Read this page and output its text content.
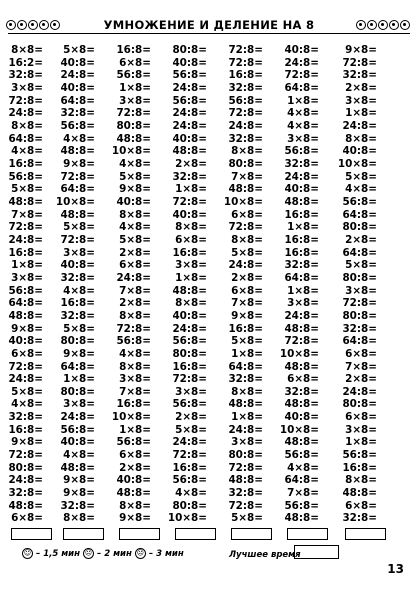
УМНОЖЕНИЕ И ДЕЛЕНИЕ НА 8
8×8=
16:2=
32:8=
3×8=
72:8=
24:8=
8×8=
64:8=
4×8=
16:8=
56:8=
5×8=
48:8=
7×8=
72:8=
24:8=
16:8=
1×8=
3×8=
56:8=
64:8=
48:8=
9×8=
40:8=
6×8=
72:8=
24:8=
5×8=
4×8=
32:8=
16:8=
9×8=
72:8=
80:8=
24:8=
32:8=
48:8=
6×8=
5×8=
40:8=
24:8=
40:8=
64:8=
32:8=
56:8=
4×8=
48:8=
9×8=
72:8=
64:8=
10×8=
48:8=
5×8=
72:8=
3×8=
40:8=
32:8=
4×8=
16:8=
32:8=
5×8=
80:8=
9×8=
64:8=
1×8=
80:8=
3×8=
24:8=
56:8=
40:8=
4×8=
48:8=
9×8=
9×8=
32:8=
8×8=
16:8=
6×8=
56:8=
1×8=
3×8=
72:8=
80:8=
48:8=
10×8=
4×8=
5×8=
9×8=
40:8=
8×8=
4×8=
5×8=
2×8=
6×8=
24:8=
7×8=
2×8=
8×8=
72:8=
56:8=
4×8=
8×8=
3×8=
7×8=
16:8=
10×8=
1×8=
56:8=
6×8=
2×8=
40:8=
48:8=
8×8=
9×8=
80:8=
40:8=
56:8=
24:8=
56:8=
24:8=
24:8=
40:8=
48:8=
2×8=
32:8=
1×8=
72:8=
40:8=
8×8=
6×8=
16:8=
3×8=
1×8=
48:8=
8×8=
40:8=
24:8=
56:8=
80:8=
16:8=
72:8=
3×8=
56:8=
2×8=
5×8=
24:8=
72:8=
16:8=
56:8=
4×8=
80:8=
10×8=
72:8=
72:8=
16:8=
32:8=
56:8=
72:8=
24:8=
32:8=
8×8=
80:8=
7×8=
48:8=
10×8=
6×8=
72:8=
8×8=
5×8=
24:8=
2×8=
6×8=
7×8=
9×8=
16:8=
5×8=
1×8=
64:8=
32:8=
8×8=
48:8=
1×8=
24:8=
3×8=
80:8=
72:8=
48:8=
32:8=
72:8=
5×8=
40:8=
24:8=
72:8=
64:8=
1×8=
4×8=
4×8=
3×8=
56:8=
32:8=
24:8=
40:8=
48:8=
16:8=
1×8=
16:8=
16:8=
32:8=
64:8=
1×8=
3×8=
24:8=
48:8=
72:8=
10×8=
48:8=
6×8=
32:8=
48:8=
40:8=
10×8=
48:8=
56:8=
4×8=
64:8=
7×8=
56:8=
48:8=
9×8=
72:8=
32:8=
2×8=
3×8=
1×8=
24:8=
8×8=
40:8=
10×8=
5×8=
4×8=
56:8=
64:8=
80:8=
2×8=
64:8=
5×8=
80:8=
3×8=
72:8=
80:8=
32:8=
64:8=
6×8=
7×8=
2×8=
24:8=
80:8=
6×8=
3×8=
1×8=
56:8=
16:8=
8×8=
48:8=
6×8=
32:8=
☺ – 1,5 мин ☹ – 2 мин ☹ – 3 мин	Лучшее время
13
